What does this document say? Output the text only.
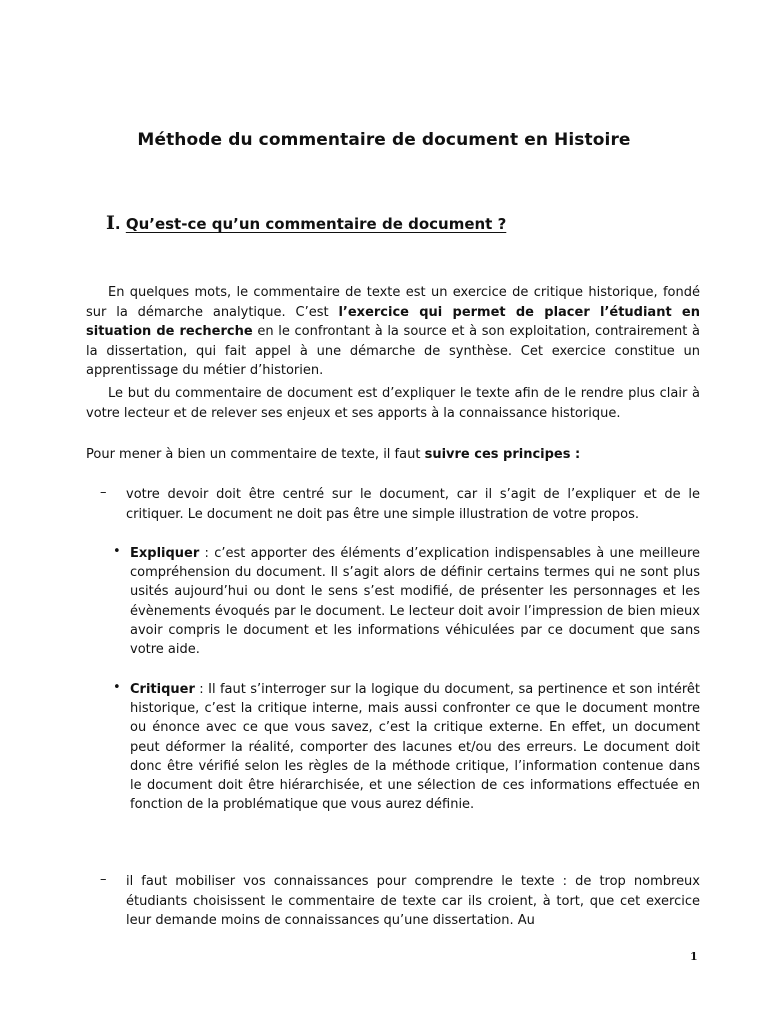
Méthode du commentaire de document en Histoire
I. Qu’est-ce qu’un commentaire de document ?
En quelques mots, le commentaire de texte est un exercice de critique historique, fondé sur la démarche analytique. C’est l’exercice qui permet de placer l’étudiant en situation de recherche en le confrontant à la source et à son exploitation, contrairement à la dissertation, qui fait appel à une démarche de synthèse. Cet exercice constitue un apprentissage du métier d’historien.
Le but du commentaire de document est d’expliquer le texte afin de le rendre plus clair à votre lecteur et de relever ses enjeux et ses apports à la connaissance historique.
Pour mener à bien un commentaire de texte, il faut suivre ces principes :
– votre devoir doit être centré sur le document, car il s’agit de l’expliquer et de le critiquer. Le document ne doit pas être une simple illustration de votre propos.
• Expliquer : c’est apporter des éléments d’explication indispensables à une meilleure compréhension du document. Il s’agit alors de définir certains termes qui ne sont plus usités aujourd’hui ou dont le sens s’est modifié, de présenter les personnages et les évènements évoqués par le document. Le lecteur doit avoir l’impression de bien mieux avoir compris le document et les informations véhiculées par ce document que sans votre aide.
• Critiquer : Il faut s’interroger sur la logique du document, sa pertinence et son intérêt historique, c’est la critique interne, mais aussi confronter ce que le document montre ou énonce avec ce que vous savez, c’est la critique externe. En effet, un document peut déformer la réalité, comporter des lacunes et/ou des erreurs. Le document doit donc être vérifié selon les règles de la méthode critique, l’information contenue dans le document doit être hiérarchisée, et une sélection de ces informations effectuée en fonction de la problématique que vous aurez définie.
– il faut mobiliser vos connaissances pour comprendre le texte : de trop nombreux étudiants choisissent le commentaire de texte car ils croient, à tort, que cet exercice leur demande moins de connaissances qu’une dissertation. Au
1
